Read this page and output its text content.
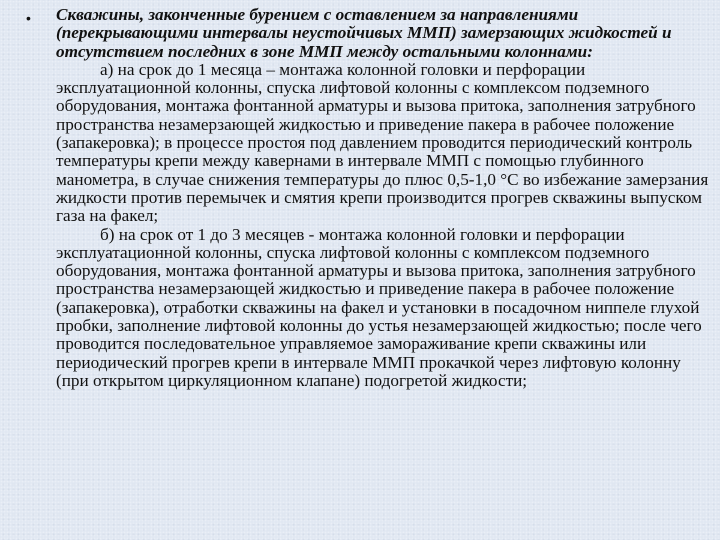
• Скважины, законченные бурением с оставлением за направлениями (перекрывающими интервалы неустойчивых ММП) замерзающих жидкостей и отсутствием последних в зоне ММП между остальными колоннами:

а) на срок до 1 месяца – монтажа колонной головки и перфорации эксплуатационной колонны, спуска лифтовой колонны с комплексом подземного оборудования, монтажа фонтанной арматуры и вызова притока, заполнения затрубного пространства незамерзающей жидкостью и приведение пакера в рабочее положение (запакеровка); в процессе простоя под давлением проводится периодический контроль температуры крепи между кавернами в интервале ММП с помощью глубинного манометра, в случае снижения температуры до плюс 0,5-1,0 °С во избежание замерзания жидкости против перемычек и смятия крепи производится прогрев скважины выпуском газа на факел;

б) на срок от 1 до 3 месяцев - монтажа колонной головки и перфорации эксплуатационной колонны, спуска лифтовой колонны с комплексом подземного оборудования, монтажа фонтанной арматуры и вызова притока, заполнения затрубного пространства незамерзающей жидкостью и приведение пакера в рабочее положение (запакеровка), отработки скважины на факел и установки в посадочном ниппеле глухой пробки, заполнение лифтовой колонны до устья незамерзающей жидкостью; после чего проводится последовательное управляемое замораживание крепи скважины или периодический прогрев крепи в интервале ММП прокачкой через лифтовую колонну (при открытом циркуляционном клапане) подогретой жидкости;
